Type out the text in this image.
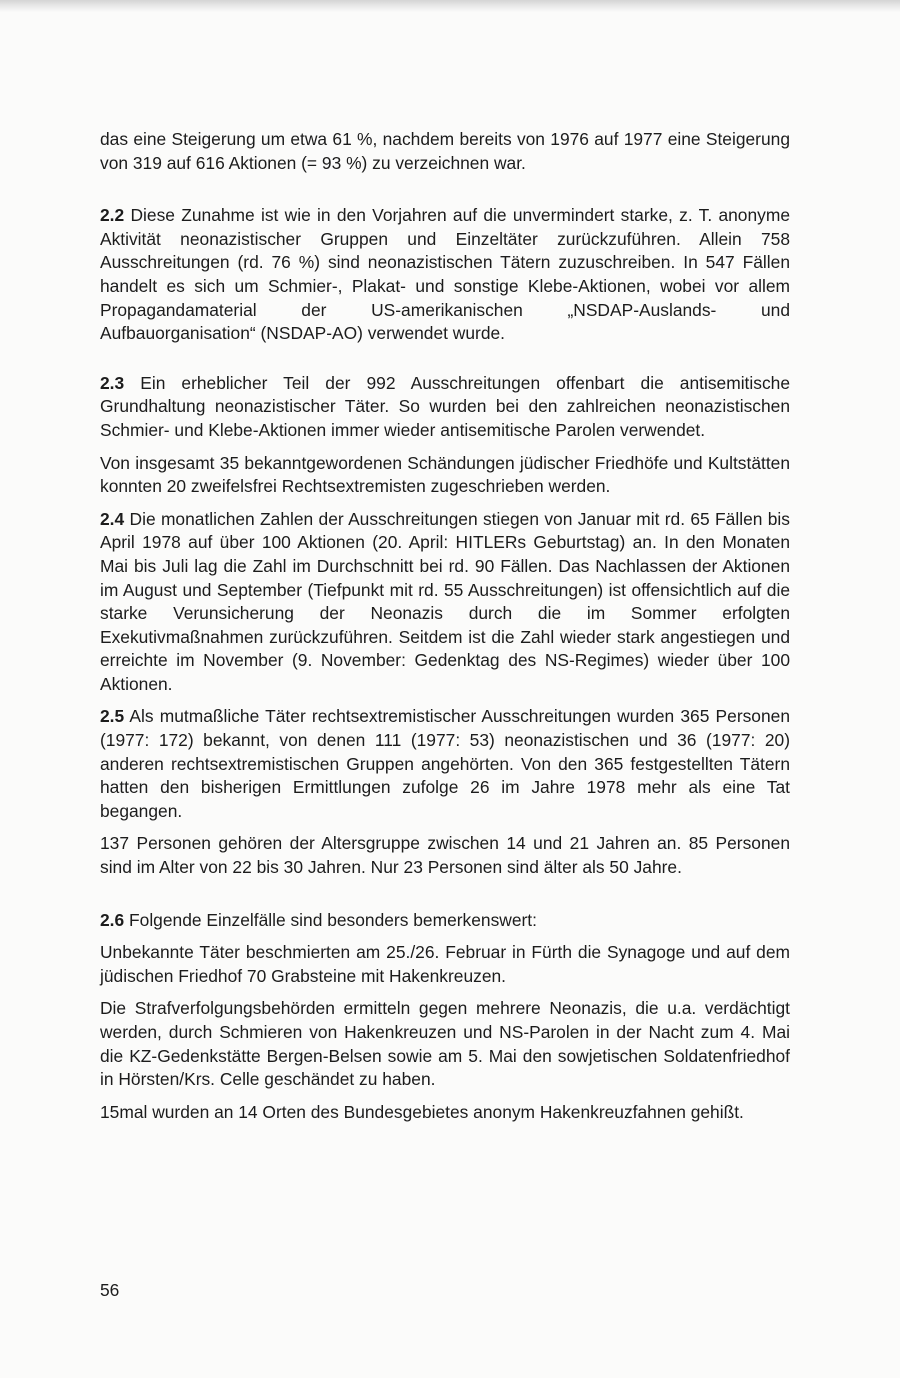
das eine Steigerung um etwa 61 %, nachdem bereits von 1976 auf 1977 eine Steigerung von 319 auf 616 Aktionen (= 93 %) zu verzeichnen war.

2.2 Diese Zunahme ist wie in den Vorjahren auf die unvermindert starke, z. T. anonyme Aktivität neonazistischer Gruppen und Einzeltäter zurückzuführen. Allein 758 Ausschreitungen (rd. 76 %) sind neonazistischen Tätern zuzuschreiben. In 547 Fällen handelt es sich um Schmier-, Plakat- und sonstige Klebe-Aktionen, wobei vor allem Propagandamaterial der US-amerikanischen „NSDAP-Auslands- und Aufbauorganisation“ (NSDAP-AO) verwendet wurde.

2.3 Ein erheblicher Teil der 992 Ausschreitungen offenbart die antisemitische Grundhaltung neonazistischer Täter. So wurden bei den zahlreichen neonazistischen Schmier- und Klebe-Aktionen immer wieder antisemitische Parolen verwendet.

Von insgesamt 35 bekanntgewordenen Schändungen jüdischer Friedhöfe und Kultstätten konnten 20 zweifelsfrei Rechtsextremisten zugeschrieben werden.

2.4 Die monatlichen Zahlen der Ausschreitungen stiegen von Januar mit rd. 65 Fällen bis April 1978 auf über 100 Aktionen (20. April: HITLERs Geburtstag) an. In den Monaten Mai bis Juli lag die Zahl im Durchschnitt bei rd. 90 Fällen. Das Nachlassen der Aktionen im August und September (Tiefpunkt mit rd. 55 Ausschreitungen) ist offensichtlich auf die starke Verunsicherung der Neonazis durch die im Sommer erfolgten Exekutivmaßnahmen zurückzuführen. Seitdem ist die Zahl wieder stark angestiegen und erreichte im November (9. November: Gedenktag des NS-Regimes) wieder über 100 Aktionen.

2.5 Als mutmaßliche Täter rechtsextremistischer Ausschreitungen wurden 365 Personen (1977: 172) bekannt, von denen 111 (1977: 53) neonazistischen und 36 (1977: 20) anderen rechtsextremistischen Gruppen angehörten. Von den 365 festgestellten Tätern hatten den bisherigen Ermittlungen zufolge 26 im Jahre 1978 mehr als eine Tat begangen.

137 Personen gehören der Altersgruppe zwischen 14 und 21 Jahren an. 85 Personen sind im Alter von 22 bis 30 Jahren. Nur 23 Personen sind älter als 50 Jahre.

2.6 Folgende Einzelfälle sind besonders bemerkenswert:

Unbekannte Täter beschmierten am 25./26. Februar in Fürth die Synagoge und auf dem jüdischen Friedhof 70 Grabsteine mit Hakenkreuzen.

Die Strafverfolgungsbehörden ermitteln gegen mehrere Neonazis, die u.a. verdächtigt werden, durch Schmieren von Hakenkreuzen und NS-Parolen in der Nacht zum 4. Mai die KZ-Gedenkstätte Bergen-Belsen sowie am 5. Mai den sowjetischen Soldatenfriedhof in Hörsten/Krs. Celle geschändet zu haben.

15mal wurden an 14 Orten des Bundesgebietes anonym Hakenkreuzfahnen gehißt.

56
